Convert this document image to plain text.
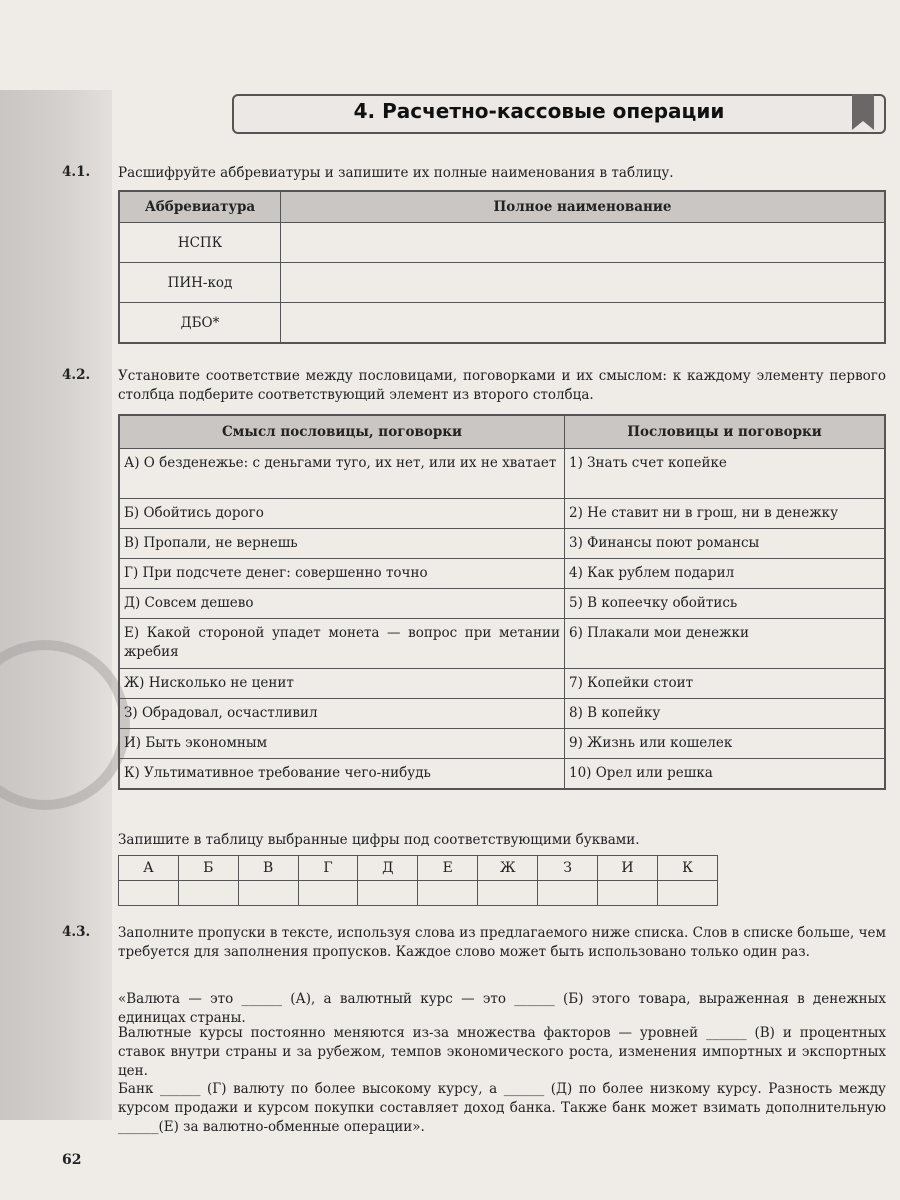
4. Расчетно-кассовые операции
4.1. Расшифруйте аббревиатуры и запишите их полные наименования в таблицу.
Аббревиатура	Полное наименование
НСПК	
ПИН-код	
ДБО*	
4.2. Установите соответствие между пословицами, поговорками и их смыслом: к каждому элементу первого столбца подберите соответствующий элемент из второго столбца.
Смысл пословицы, поговорки	Пословицы и поговорки
А) О безденежье: с деньгами туго, их нет, или их не хватает	1) Знать счет копейке
Б) Обойтись дорого	2) Не ставит ни в грош, ни в денежку
В) Пропали, не вернешь	3) Финансы поют романсы
Г) При подсчете денег: совершенно точно	4) Как рублем подарил
Д) Совсем дешево	5) В копеечку обойтись
Е) Какой стороной упадет монета — вопрос при метании жребия	6) Плакали мои денежки
Ж) Нисколько не ценит	7) Копейки стоит
З) Обрадовал, осчастливил	8) В копейку
И) Быть экономным	9) Жизнь или кошелек
К) Ультимативное требование чего-нибудь	10) Орел или решка
Запишите в таблицу выбранные цифры под соответствующими буквами.
А	Б	В	Г	Д	Е	Ж	З	И	К

4.3. Заполните пропуски в тексте, используя слова из предлагаемого ниже списка. Слов в списке больше, чем требуется для заполнения пропусков. Каждое слово может быть использовано только один раз.
«Валюта — это ______ (А), а валютный курс — это ______ (Б) этого товара, выраженная в денежных единицах страны.
Валютные курсы постоянно меняются из-за множества факторов — уровней ______ (В) и процентных ставок внутри страны и за рубежом, темпов экономического роста, изменения импортных и экспортных цен.
Банк ______ (Г) валюту по более высокому курсу, а ______ (Д) по более низкому курсу. Разность между курсом продажи и курсом покупки составляет доход банка. Также банк может взимать дополнительную ______(Е) за валютно-обменные операции».
62
